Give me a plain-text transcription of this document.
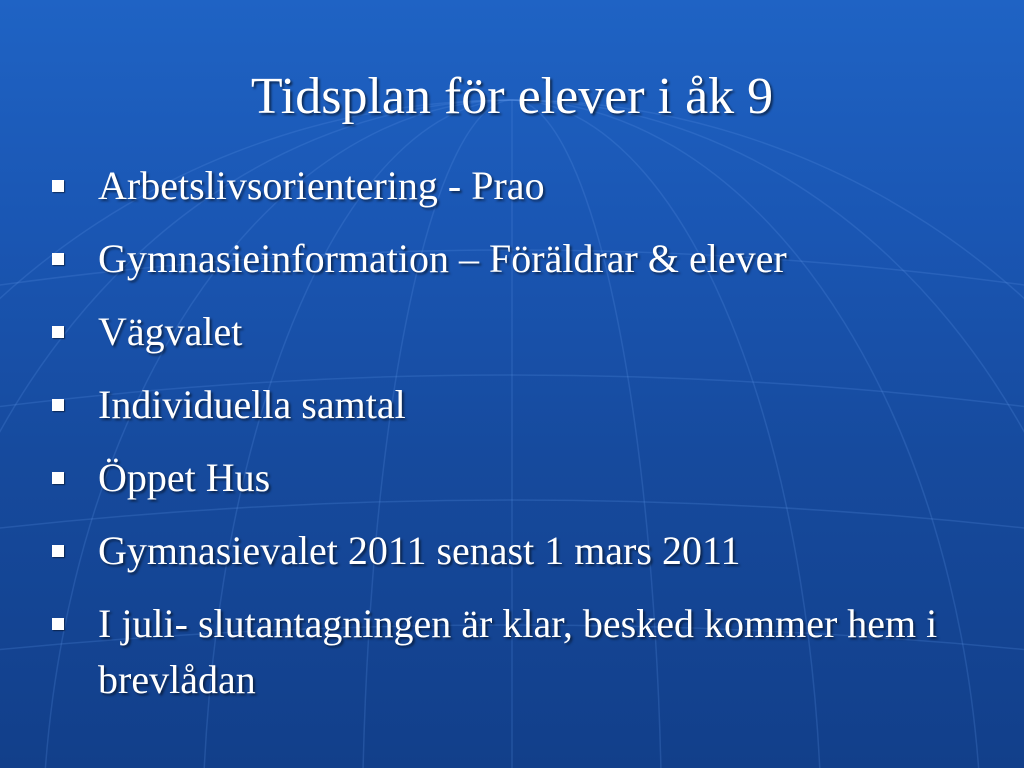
Tidsplan för elever i åk 9
Arbetslivsorientering - Prao
Gymnasieinformation – Föräldrar & elever
Vägvalet
Individuella samtal
Öppet Hus
Gymnasievalet 2011 senast 1 mars 2011
I juli- slutantagningen är klar, besked kommer hem i brevlådan
